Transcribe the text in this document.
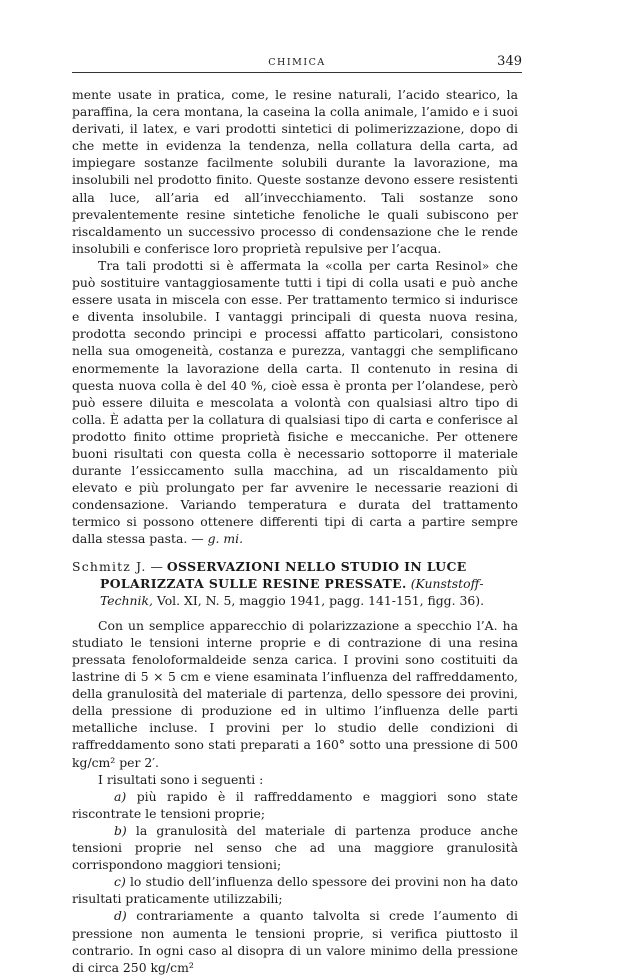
CHIMICA	349

mente usate in pratica, come, le resine naturali, l’acido stearico, la paraffina, la cera montana, la caseina la colla animale, l’amido e i suoi derivati, il latex, e vari prodotti sintetici di polimerizzazione, dopo di che mette in evidenza la tendenza, nella collatura della carta, ad impiegare sostanze facilmente solubili durante la lavorazione, ma insolubili nel prodotto finito. Queste sostanze devono essere resistenti alla luce, all’aria ed all’invecchiamento. Tali sostanze sono prevalentemente resine sintetiche fenoliche le quali subiscono per riscaldamento un successivo processo di condensazione che le rende insolubili e conferisce loro proprietà repulsive per l’acqua.

Tra tali prodotti si è affermata la «colla per carta Resinol» che può sostituire vantaggiosamente tutti i tipi di colla usati e può anche essere usata in miscela con esse. Per trattamento termico si indurisce e diventa insolubile. I vantaggi principali di questa nuova resina, prodotta secondo principi e processi affatto particolari, consistono nella sua omogeneità, costanza e purezza, vantaggi che semplificano enormemente la lavorazione della carta. Il contenuto in resina di questa nuova colla è del 40 %, cioè essa è pronta per l’olandese, però può essere diluita e mescolata a volontà con qualsiasi altro tipo di colla. È adatta per la collatura di qualsiasi tipo di carta e conferisce al prodotto finito ottime proprietà fisiche e meccaniche. Per ottenere buoni risultati con questa colla è necessario sottoporre il materiale durante l’essiccamento sulla macchina, ad un riscaldamento più elevato e più prolungato per far avvenire le necessarie reazioni di condensazione. Variando temperatura e durata del trattamento termico si possono ottenere differenti tipi di carta a partire sempre dalla stessa pasta. — g. mi.

Schmitz J. — OSSERVAZIONI NELLO STUDIO IN LUCE POLARIZZATA SULLE RESINE PRESSATE. (Kunststoff-Technik, Vol. XI, N. 5, maggio 1941, pagg. 141-151, figg. 36).

Con un semplice apparecchio di polarizzazione a specchio l’A. ha studiato le tensioni interne proprie e di contrazione di una resina pressata fenoloformaldeide senza carica. I provini sono costituiti da lastrine di 5 × 5 cm e viene esaminata l’influenza del raffreddamento, della granulosità del materiale di partenza, dello spessore dei provini, della pressione di produzione ed in ultimo l’influenza delle parti metalliche incluse. I provini per lo studio delle condizioni di raffreddamento sono stati preparati a 160° sotto una pressione di 500 kg/cm² per 2′.

I risultati sono i seguenti :

a) più rapido è il raffreddamento e maggiori sono state riscontrate le tensioni proprie;

b) la granulosità del materiale di partenza produce anche tensioni proprie nel senso che ad una maggiore granulosità corrispondono maggiori tensioni;

c) lo studio dell’influenza dello spessore dei provini non ha dato risultati praticamente utilizzabili;

d) contrariamente a quanto talvolta si crede l’aumento di pressione non aumenta le tensioni proprie, si verifica piuttosto il contrario. In ogni caso al disopra di un valore minimo della pressione di circa 250 kg/cm²
